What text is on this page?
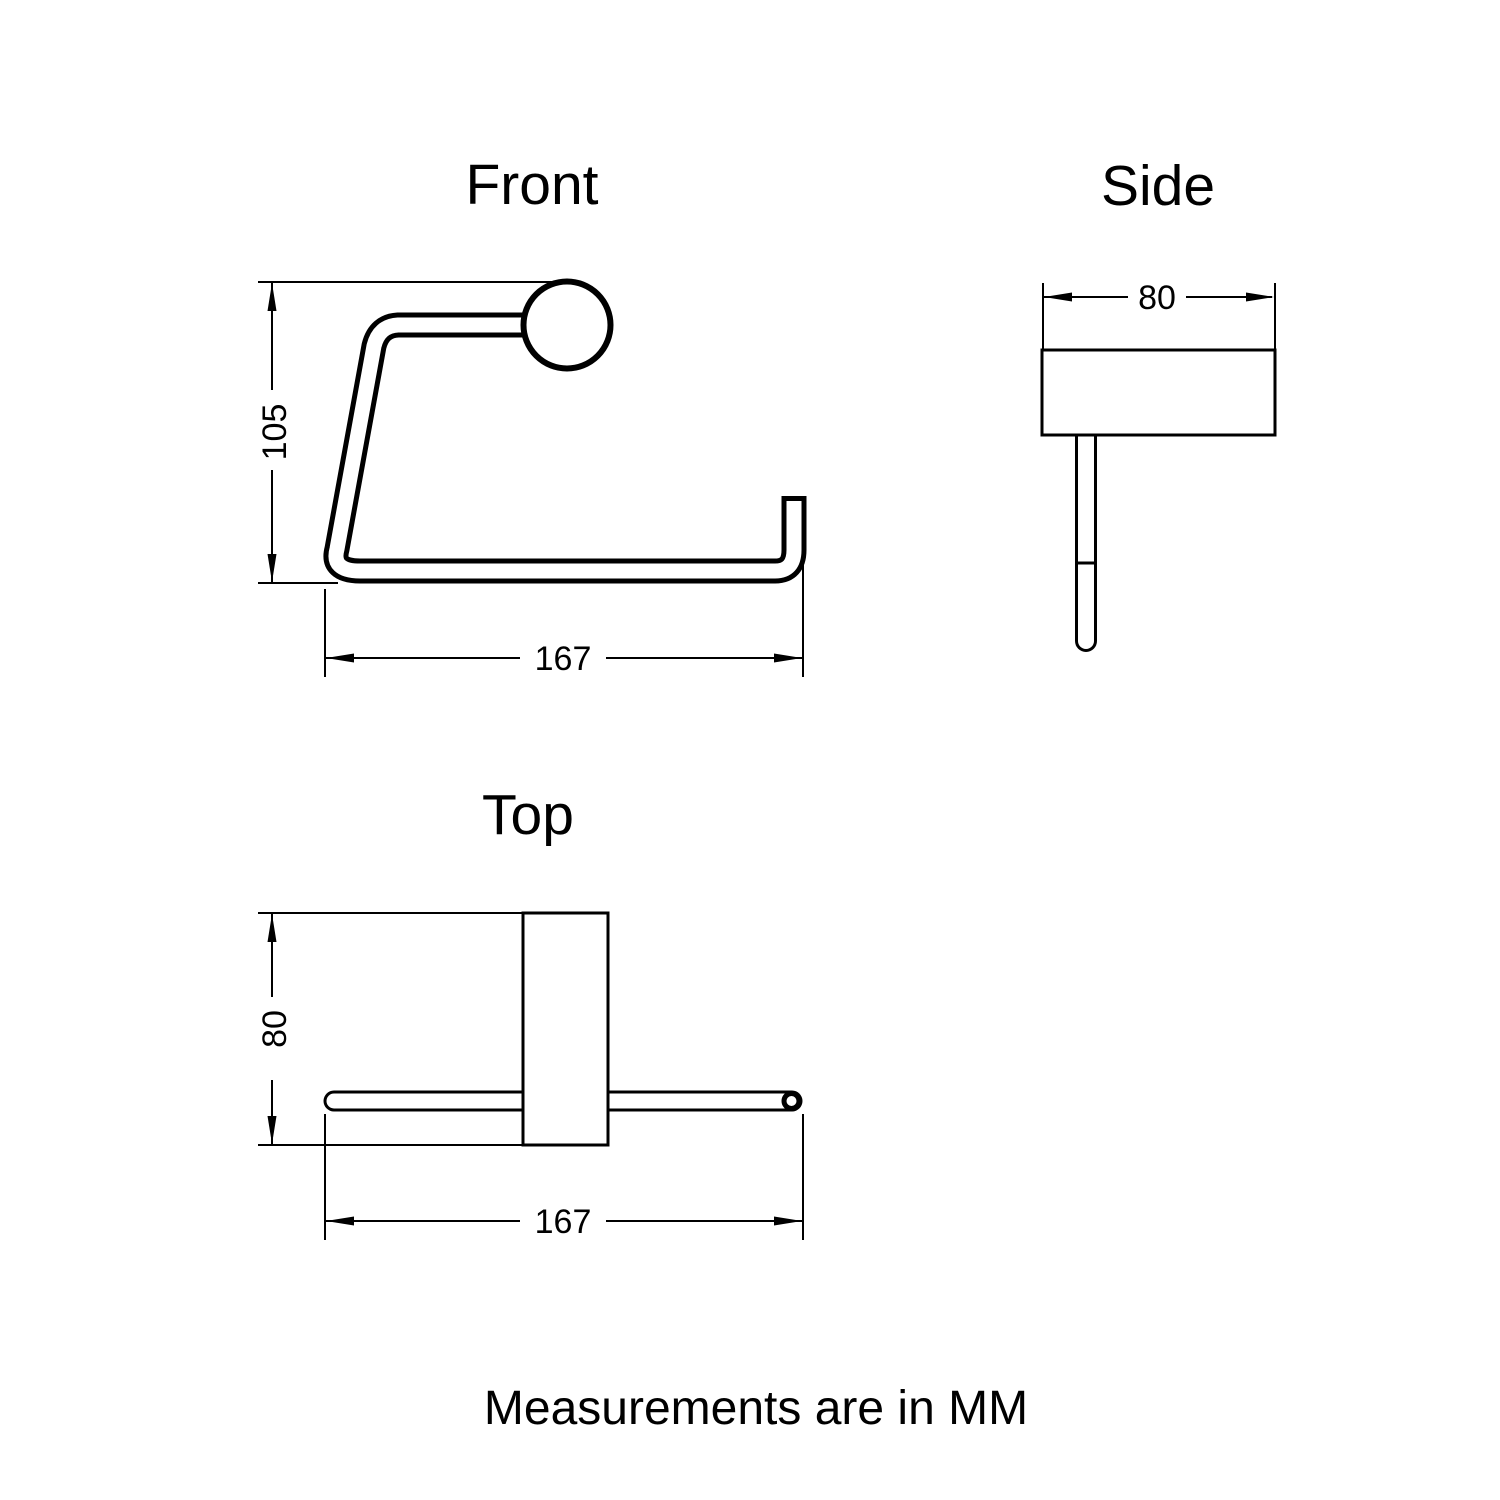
Front
105
167
Side
80
Top
80
167
Measurements are in MM
